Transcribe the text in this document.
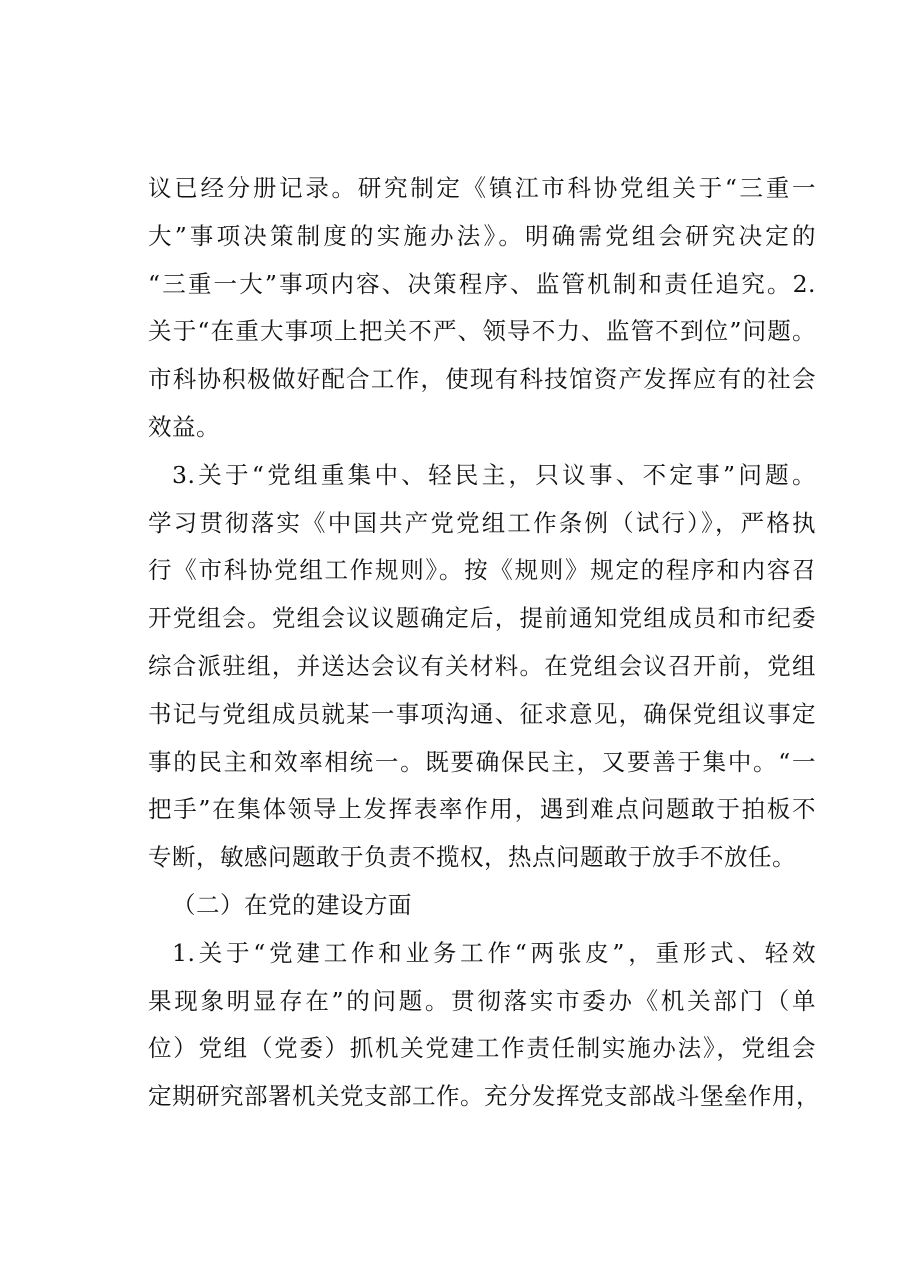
议已经分册记录。研究制定《镇江市科协党组关于“三重一
大”事项决策制度的实施办法》。明确需党组会研究决定的
“三重一大”事项内容、决策程序、监管机制和责任追究。2.
关于“在重大事项上把关不严、领导不力、监管不到位”问题。
市科协积极做好配合工作，使现有科技馆资产发挥应有的社会
效益。
3.关于“党组重集中、轻民主，只议事、不定事”问题。
学习贯彻落实《中国共产党党组工作条例（试行）》，严格执
行《市科协党组工作规则》。按《规则》规定的程序和内容召
开党组会。党组会议议题确定后，提前通知党组成员和市纪委
综合派驻组，并送达会议有关材料。在党组会议召开前，党组
书记与党组成员就某一事项沟通、征求意见，确保党组议事定
事的民主和效率相统一。既要确保民主，又要善于集中。“一
把手”在集体领导上发挥表率作用，遇到难点问题敢于拍板不
专断，敏感问题敢于负责不揽权，热点问题敢于放手不放任。
（二）在党的建设方面
1.关于“党建工作和业务工作“两张皮”，重形式、轻效
果现象明显存在”的问题。贯彻落实市委办《机关部门（单
位）党组（党委）抓机关党建工作责任制实施办法》，党组会
定期研究部署机关党支部工作。充分发挥党支部战斗堡垒作用，
